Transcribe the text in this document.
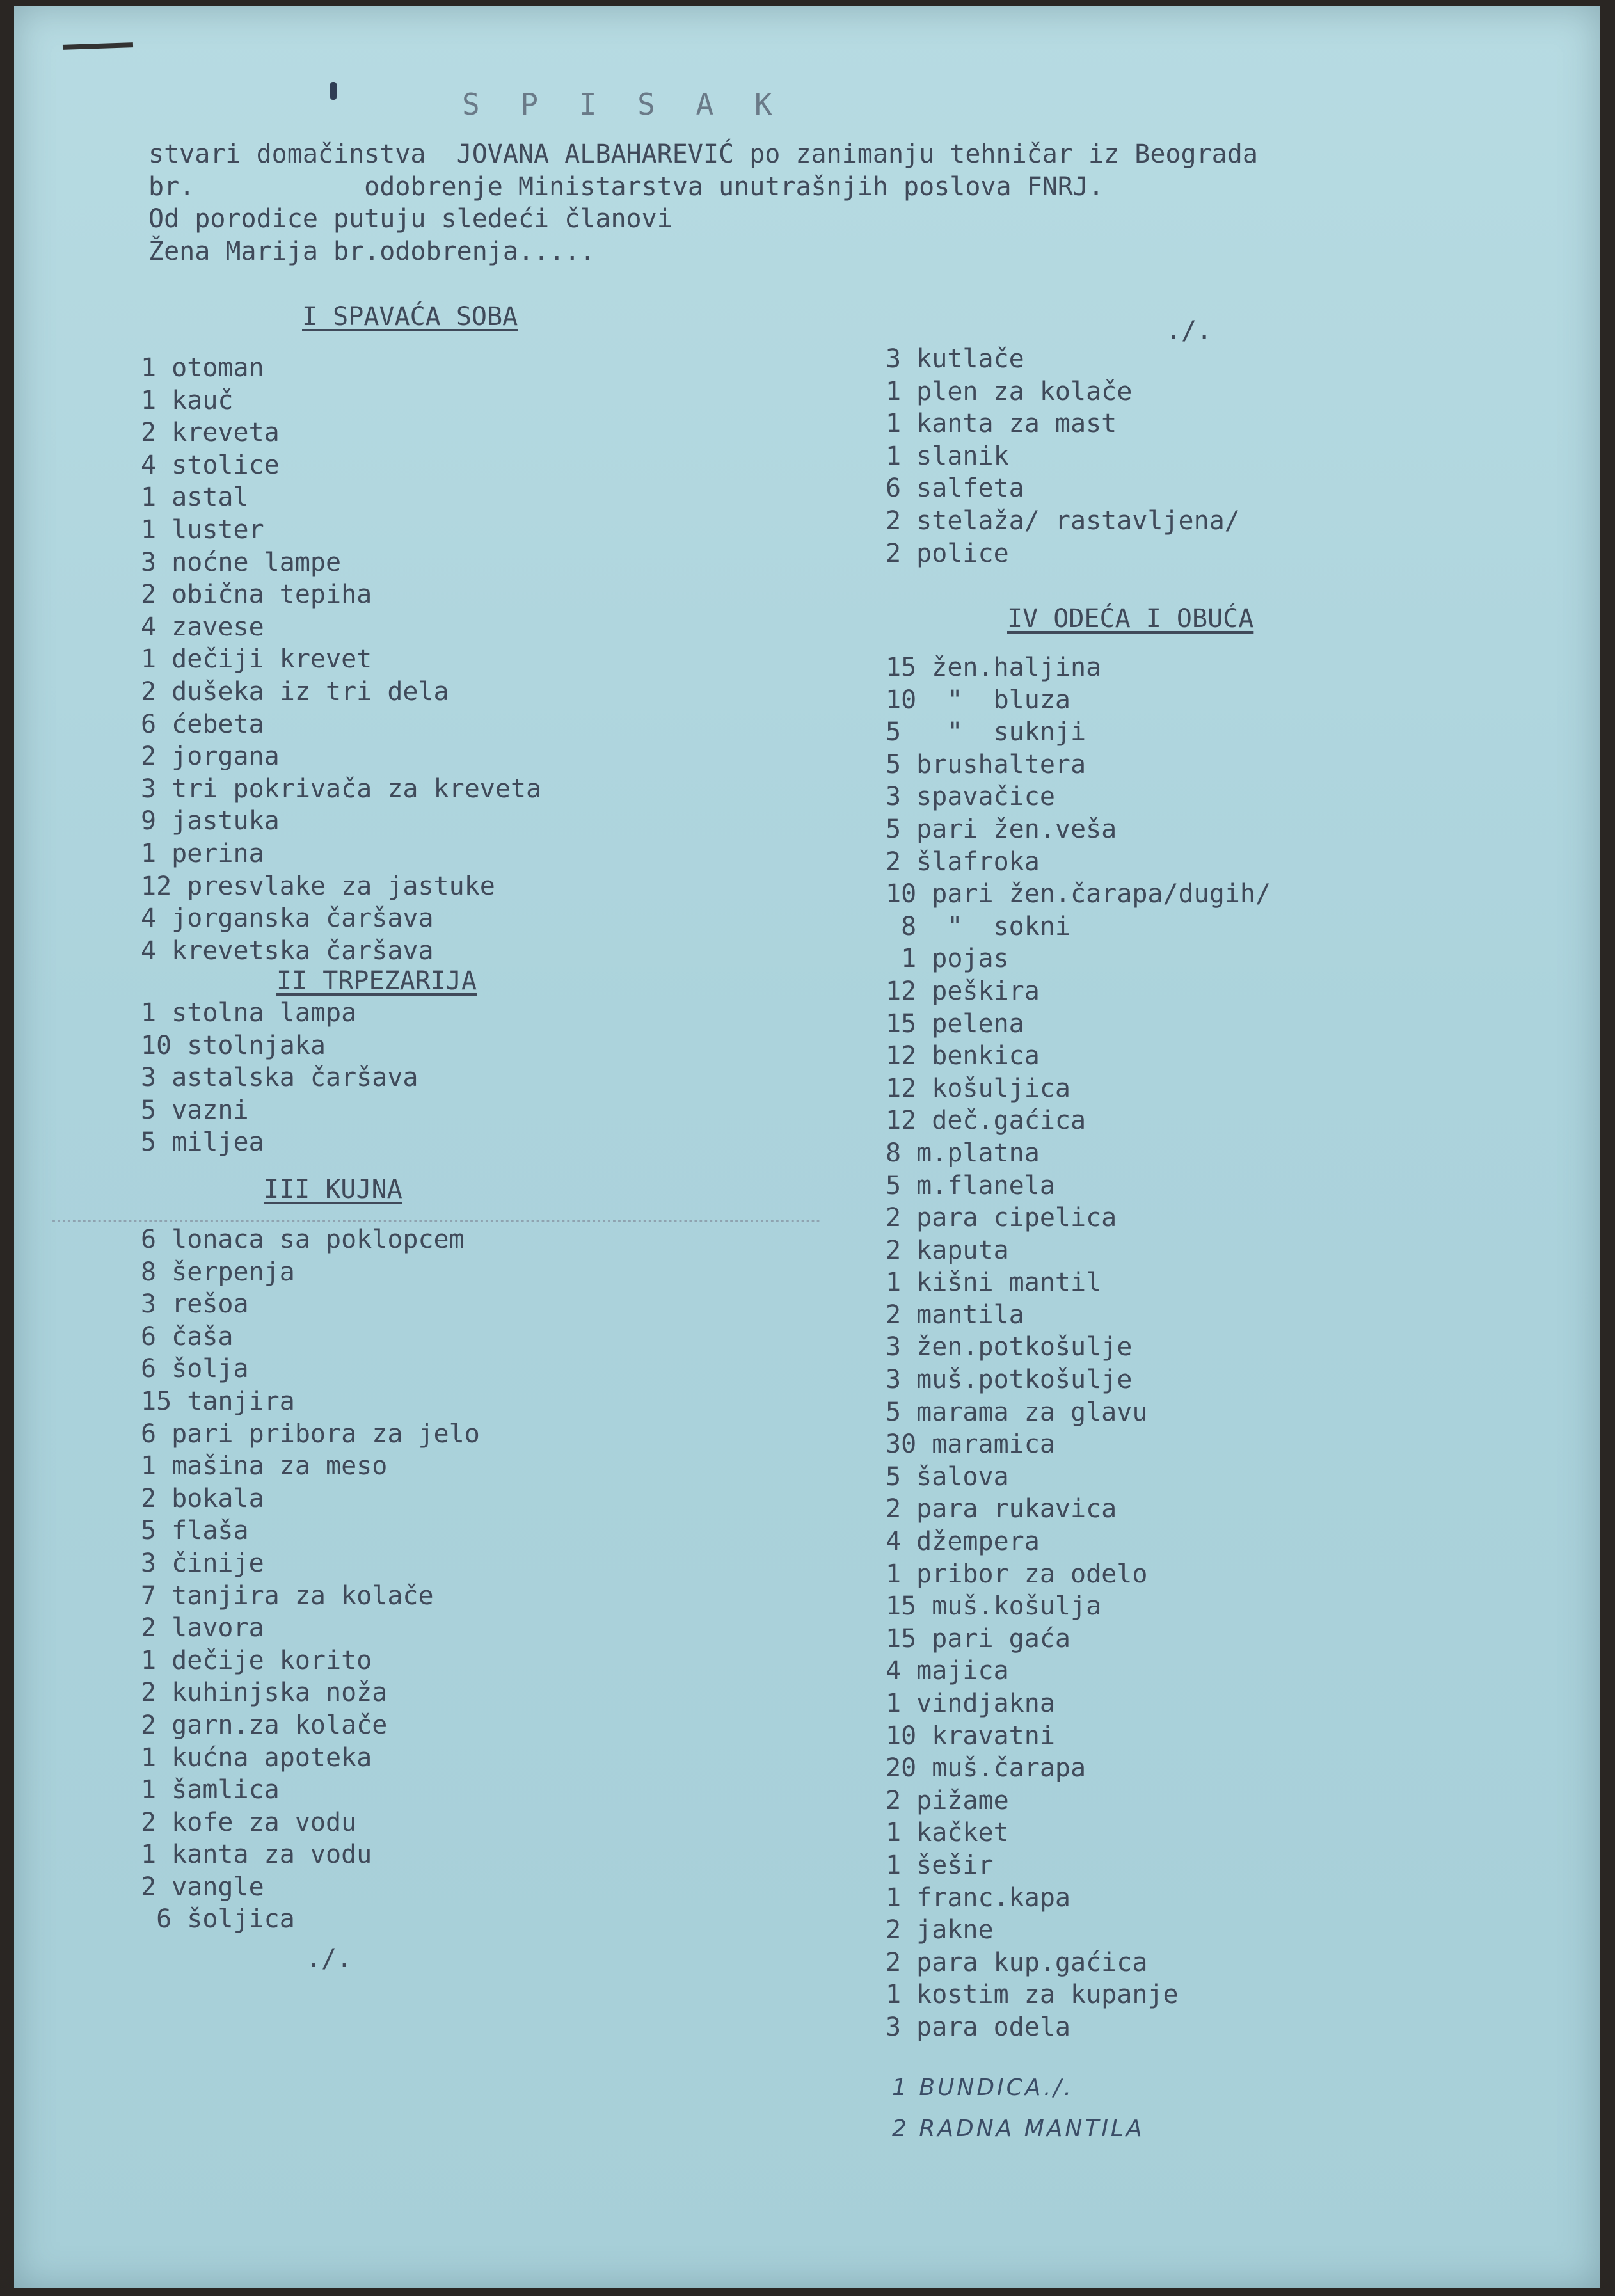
S P I S A K
stvari domačinstva  JOVANA ALBAHAREVIĆ po zanimanju tehničar iz Beograda
br.           odobrenje Ministarstva unutrašnjih poslova FNRJ.
Od porodice putuju sledeći članovi
Žena Marija br.odobrenja.....
I SPAVAĆA SOBA
1 otoman
1 kauč
2 kreveta
4 stolice
1 astal
1 luster
3 noćne lampe
2 obična tepiha
4 zavese
1 dečiji krevet
2 dušeka iz tri dela
6 ćebeta
2 jorgana
3 tri pokrivača za kreveta
9 jastuka
1 perina
12 presvlake za jastuke
4 jorganska čaršava
4 krevetska čaršava
II TRPEZARIJA
1 stolna lampa
10 stolnjaka
3 astalska čaršava
5 vazni
5 miljea
III KUJNA
6 lonaca sa poklopcem
8 šerpenja
3 rešoa
6 čaša
6 šolja
15 tanjira
6 pari pribora za jelo
1 mašina za meso
2 bokala
5 flaša
3 činije
7 tanjira za kolače
2 lavora
1 dečije korito
2 kuhinjska noža
2 garn.za kolače
1 kućna apoteka
1 šamlica
2 kofe za vodu
1 kanta za vodu
2 vangle
6 šoljica
./.
3 kutlače
1 plen za kolače
1 kanta za mast
1 slanik
6 salfeta
2 stelaža/ rastavljena/
2 police
IV ODEĆA I OBUĆA
15 žen.haljina
10  "  bluza
5   "  suknji
5 brushaltera
3 spavačice
5 pari žen.veša
2 šlafroka
10 pari žen.čarapa/dugih/
8  "  sokni
1 pojas
12 peškira
15 pelena
12 benkica
12 košuljica
12 deč.gaćica
8 m.platna
5 m.flanela
2 para cipelica
2 kaputa
1 kišni mantil
2 mantila
3 žen.potkošulje
3 muš.potkošulje
5 marama za glavu
30 maramica
5 šalova
2 para rukavica
4 džempera
1 pribor za odelo
15 muš.košulja
15 pari gaća
4 majica
1 vindjakna
10 kravatni
20 muš.čarapa
2 pižame
1 kačket
1 šešir
1 franc.kapa
2 jakne
2 para kup.gaćica
1 kostim za kupanje
3 para odela
1 BUNDICA./.
2 RADNA MANTILA
./.
